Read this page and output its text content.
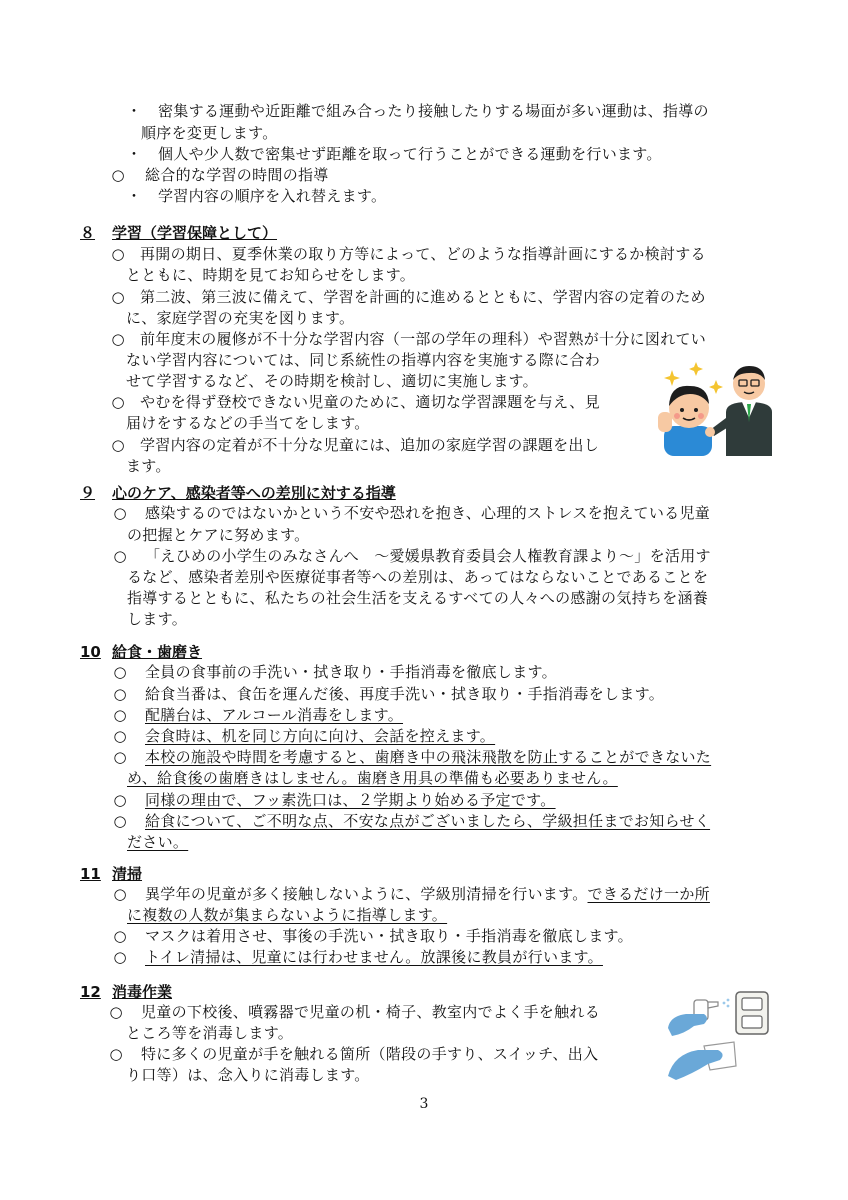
・ 密集する運動や近距離で組み合ったり接触したりする場面が多い運動は、指導の
順序を変更します。
・ 個人や少人数で密集せず距離を取って行うことができる運動を行います。
○ 総合的な学習の時間の指導
・ 学習内容の順序を入れ替えます。
８ 学習（学習保障として）
○ 再開の期日、夏季休業の取り方等によって、どのような指導計画にするか検討する
とともに、時期を見てお知らせをします。
○ 第二波、第三波に備えて、学習を計画的に進めるとともに、学習内容の定着のため
に、家庭学習の充実を図ります。
○ 前年度末の履修が不十分な学習内容（一部の学年の理科）や習熟が十分に図れてい
ない学習内容については、同じ系統性の指導内容を実施する際に合わ
せて学習するなど、その時期を検討し、適切に実施します。
○ やむを得ず登校できない児童のために、適切な学習課題を与え、見
届けをするなどの手当てをします。
○ 学習内容の定着が不十分な児童には、追加の家庭学習の課題を出し
ます。
９ 心のケア、感染者等への差別に対する指導
○ 感染するのではないかという不安や恐れを抱き、心理的ストレスを抱えている児童
の把握とケアに努めます。
○ 「えひめの小学生のみなさんへ　～愛媛県教育委員会人権教育課より～」を活用す
るなど、感染者差別や医療従事者等への差別は、あってはならないことであることを
指導するとともに、私たちの社会生活を支えるすべての人々への感謝の気持ちを涵養
します。
10 給食・歯磨き
○ 全員の食事前の手洗い・拭き取り・手指消毒を徹底します。
○ 給食当番は、食缶を運んだ後、再度手洗い・拭き取り・手指消毒をします。
○ 配膳台は、アルコール消毒をします。
○ 会食時は、机を同じ方向に向け、会話を控えます。
○ 本校の施設や時間を考慮すると、歯磨き中の飛沫飛散を防止することができないた
め、給食後の歯磨きはしません。歯磨き用具の準備も必要ありません。
○ 同様の理由で、フッ素洗口は、２学期より始める予定です。
○ 給食について、ご不明な点、不安な点がございましたら、学級担任までお知らせく
ださい。
11 清掃
○ 異学年の児童が多く接触しないように、学級別清掃を行います。できるだけ一か所
に複数の人数が集まらないように指導します。
○ マスクは着用させ、事後の手洗い・拭き取り・手指消毒を徹底します。
○ トイレ清掃は、児童には行わせません。放課後に教員が行います。
12 消毒作業
○ 児童の下校後、噴霧器で児童の机・椅子、教室内でよく手を触れる
ところ等を消毒します。
○ 特に多くの児童が手を触れる箇所（階段の手すり、スイッチ、出入
り口等）は、念入りに消毒します。
3
